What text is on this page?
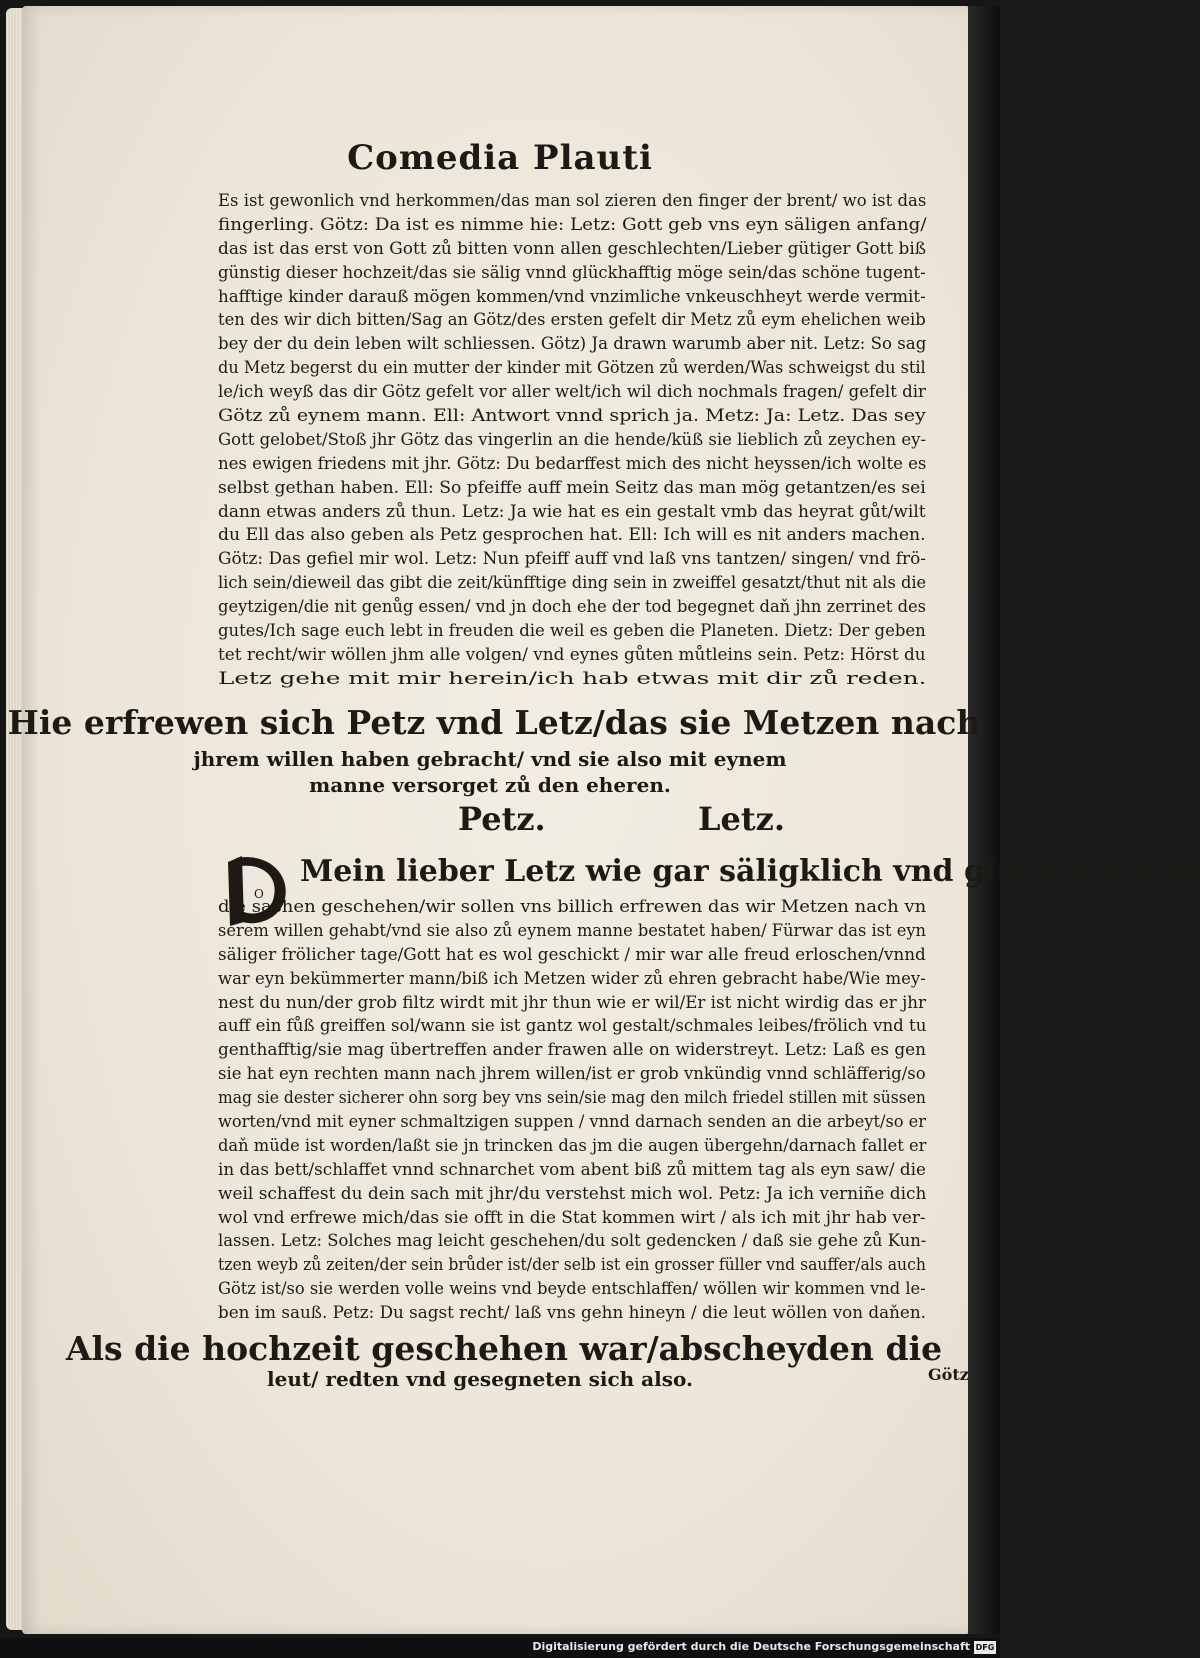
Comedia Plauti
Es ist gewonlich vnd herkommen/das man sol zieren den finger der brent/ wo ist das
fingerling. Götz: Da ist es nimme hie: Letz: Gott geb vns eyn säligen anfang/
das ist das erst von Gott zů bitten vonn allen geschlechten/Lieber gütiger Gott biß
günstig dieser hochzeit/das sie sälig vnnd glückhafftig möge sein/das schöne tugent-
hafftige kinder darauß mögen kommen/vnd vnzimliche vnkeuschheyt werde vermit-
ten des wir dich bitten/Sag an Götz/des ersten gefelt dir Metz zů eym ehelichen weib
bey der du dein leben wilt schliessen. Götz) Ja drawn warumb aber nit. Letz: So sag
du Metz begerst du ein mutter der kinder mit Götzen zů werden/Was schweigst du stil
le/ich weyß das dir Götz gefelt vor aller welt/ich wil dich nochmals fragen/ gefelt dir
Götz zů eynem mann. Ell: Antwort vnnd sprich ja. Metz: Ja: Letz. Das sey
Gott gelobet/Stoß jhr Götz das vingerlin an die hende/küß sie lieblich zů zeychen ey-
nes ewigen friedens mit jhr. Götz: Du bedarffest mich des nicht heyssen/ich wolte es
selbst gethan haben. Ell: So pfeiffe auff mein Seitz das man mög getantzen/es sei
dann etwas anders zů thun. Letz: Ja wie hat es ein gestalt vmb das heyrat gůt/wilt
du Ell das also geben als Petz gesprochen hat. Ell: Ich will es nit anders machen.
Götz: Das gefiel mir wol. Letz: Nun pfeiff auff vnd laß vns tantzen/ singen/ vnd frö-
lich sein/dieweil das gibt die zeit/künfftige ding sein in zweiffel gesatzt/thut nit als die
geytzigen/die nit genůg essen/ vnd jn doch ehe der tod begegnet daň jhn zerrinet des
gutes/Ich sage euch lebt in freuden die weil es geben die Planeten. Dietz: Der geben
tet recht/wir wöllen jhm alle volgen/ vnd eynes gůten můtleins sein. Petz: Hörst du
Letz gehe mit mir herein/ich hab etwas mit dir zů reden.
Hie erfrewen sich Petz vnd Letz/das sie Metzen nach
jhrem willen haben gebracht/ vnd sie also mit eynem
manne versorget zů den eheren.
Petz.	Letz.
O
Mein lieber Letz wie gar säligklich vnd glücklich sein
die sachen geschehen/wir sollen vns billich erfrewen das wir Metzen nach vn
serem willen gehabt/vnd sie also zů eynem manne bestatet haben/ Fürwar das ist eyn
säliger frölicher tage/Gott hat es wol geschickt / mir war alle freud erloschen/vnnd
war eyn bekümmerter mann/biß ich Metzen wider zů ehren gebracht habe/Wie mey-
nest du nun/der grob filtz wirdt mit jhr thun wie er wil/Er ist nicht wirdig das er jhr
auff ein fůß greiffen sol/wann sie ist gantz wol gestalt/schmales leibes/frölich vnd tu
genthafftig/sie mag übertreffen ander frawen alle on widerstreyt. Letz: Laß es gen
sie hat eyn rechten mann nach jhrem willen/ist er grob vnkündig vnnd schläfferig/so
mag sie dester sicherer ohn sorg bey vns sein/sie mag den milch friedel stillen mit süssen
worten/vnd mit eyner schmaltzigen suppen / vnnd darnach senden an die arbeyt/so er
daň müde ist worden/laßt sie jn trincken das jm die augen übergehn/darnach fallet er
in das bett/schlaffet vnnd schnarchet vom abent biß zů mittem tag als eyn saw/ die
weil schaffest du dein sach mit jhr/du verstehst mich wol. Petz: Ja ich verniñe dich
wol vnd erfrewe mich/das sie offt in die Stat kommen wirt / als ich mit jhr hab ver-
lassen. Letz: Solches mag leicht geschehen/du solt gedencken / daß sie gehe zů Kun-
tzen weyb zů zeiten/der sein brůder ist/der selb ist ein grosser füller vnd sauffer/als auch
Götz ist/so sie werden volle weins vnd beyde entschlaffen/ wöllen wir kommen vnd le-
ben im sauß. Petz: Du sagst recht/ laß vns gehn hineyn / die leut wöllen von daňen.
Als die hochzeit geschehen war/abscheyden die
leut/ redten vnd gesegneten sich also.	Götz
Digitalisierung gefördert durch die Deutsche Forschungsgemeinschaft DFG
